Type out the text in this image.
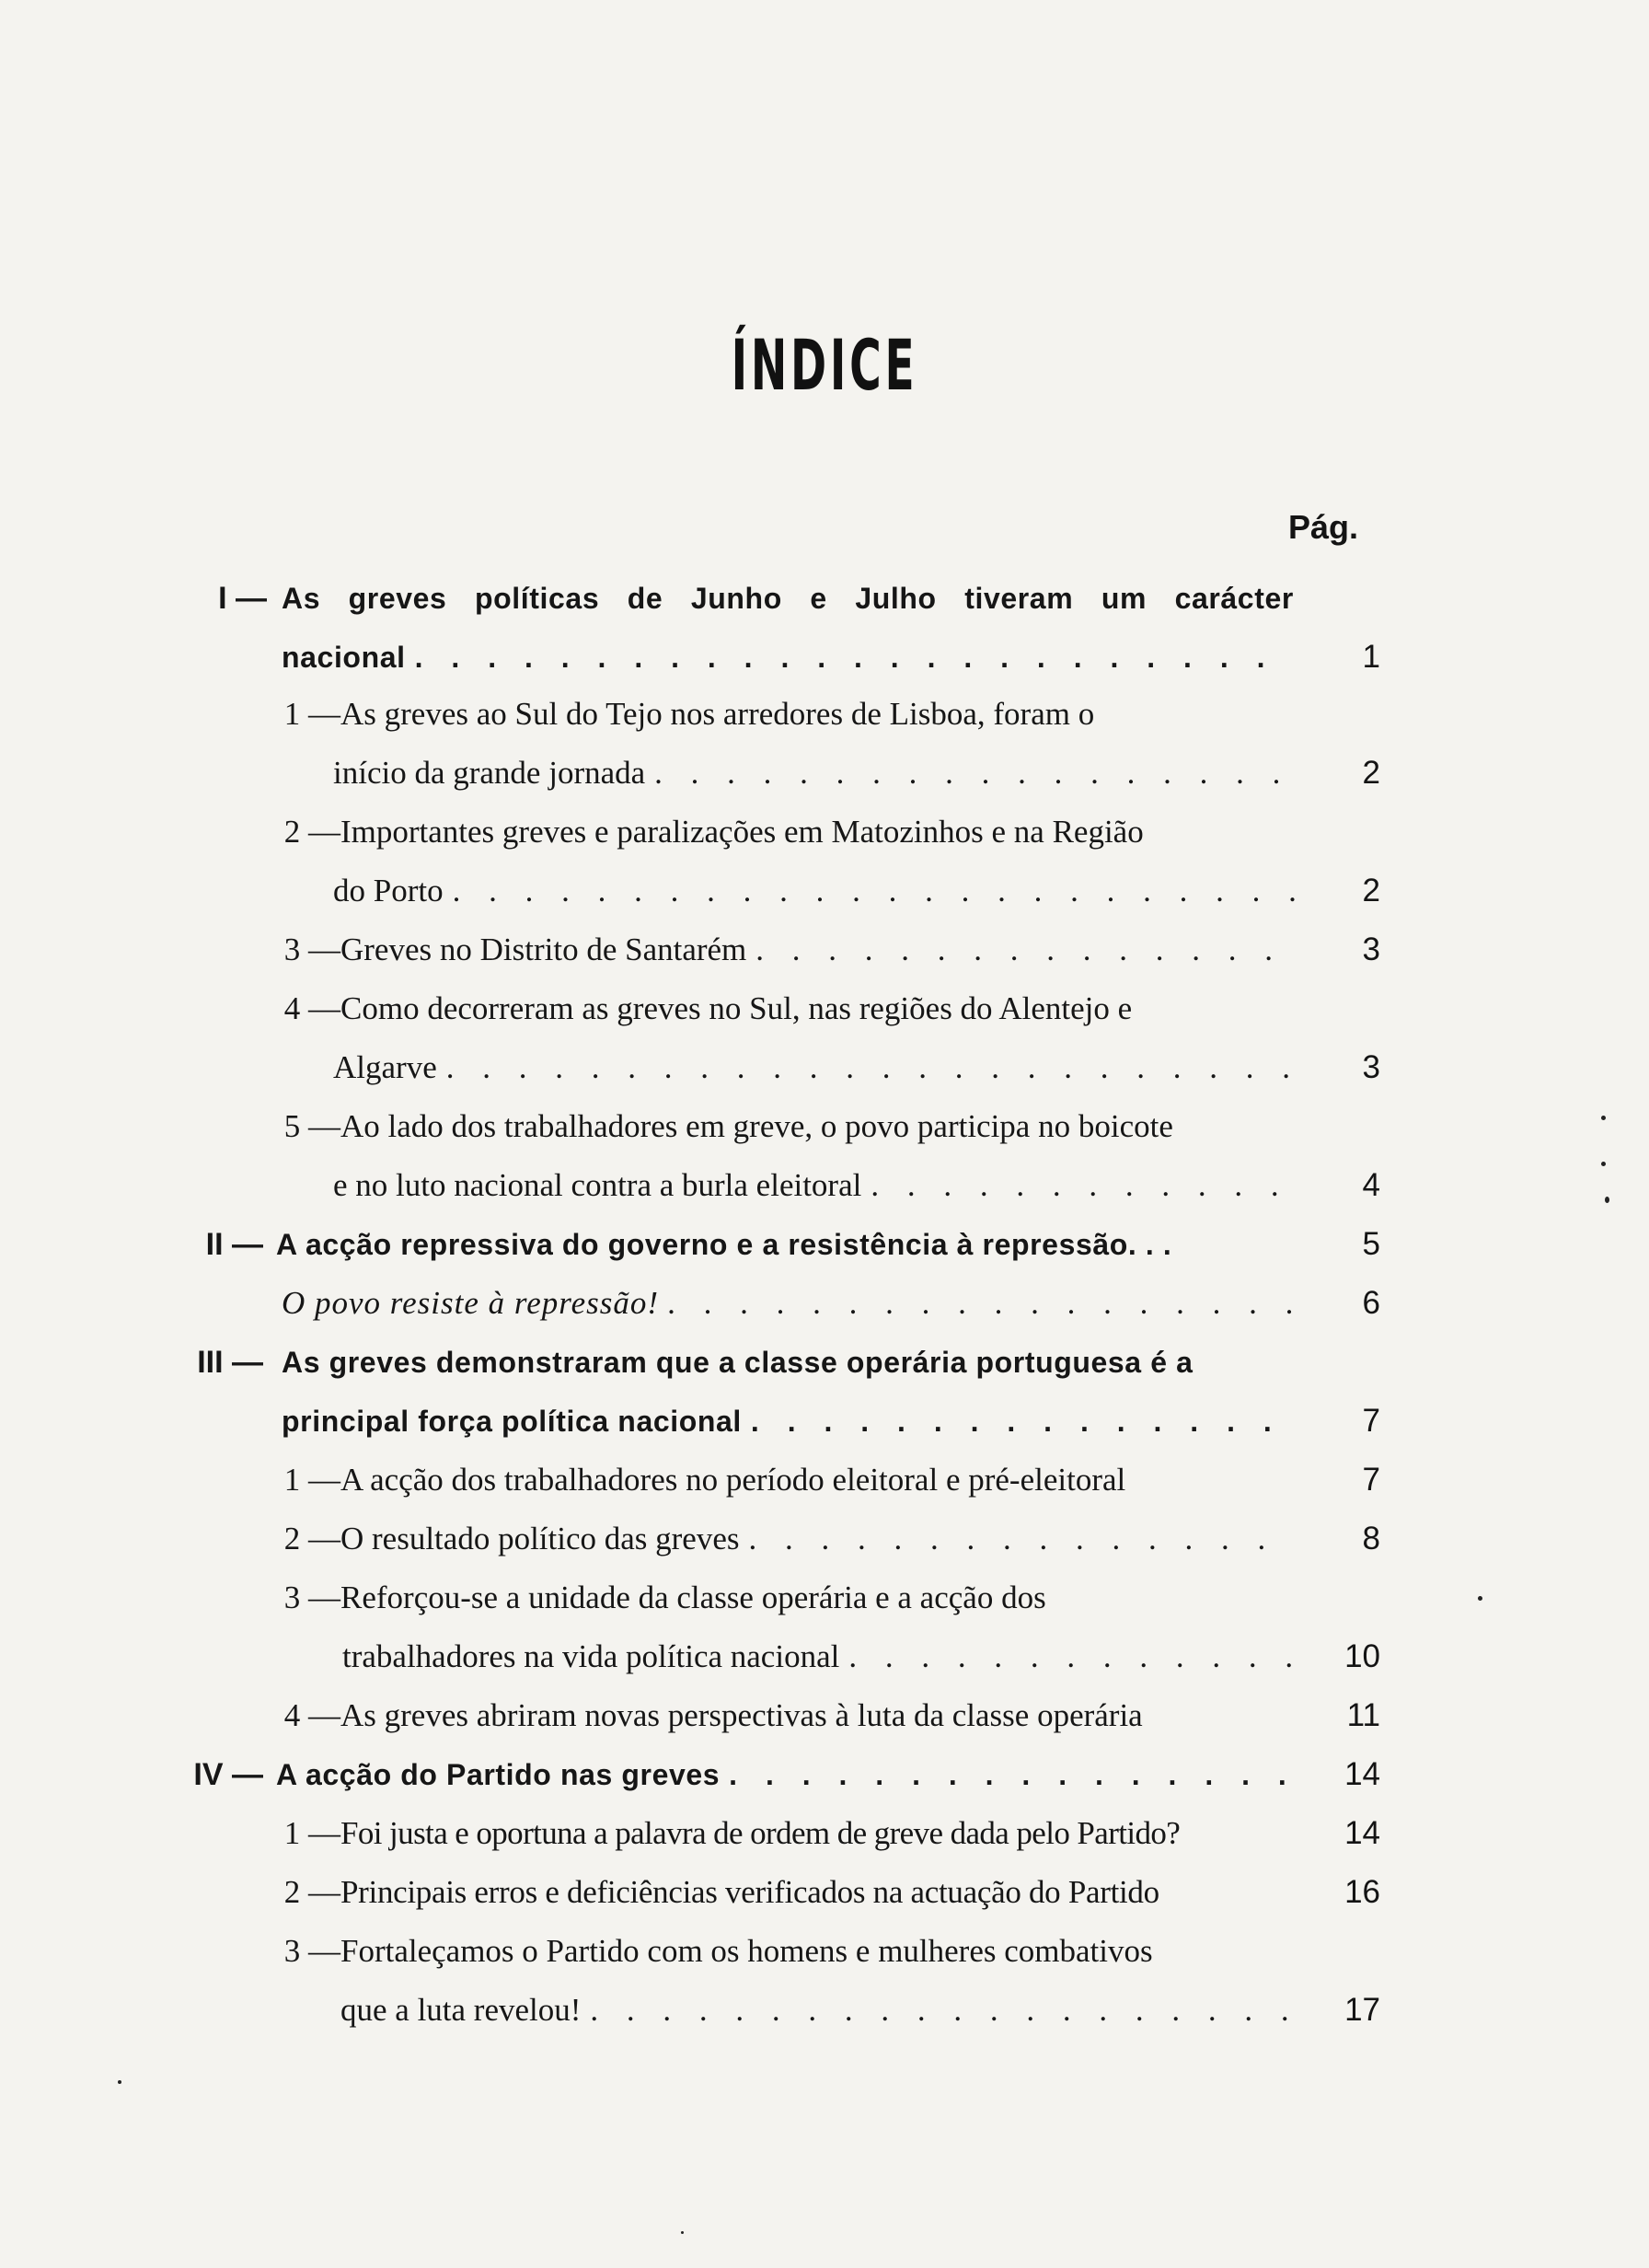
ÍNDICE
Pág.
I — As greves políticas de Junho e Julho tiveram um carácter
nacional . . .	1
1 — As greves ao Sul do Tejo nos arredores de Lisboa, foram o
início da grande jornada . . .	2
2 — Importantes greves e paralizações em Matozinhos e na Região
do Porto . . .	2
3 — Greves no Distrito de Santarém . . .	3
4 — Como decorreram as greves no Sul, nas regiões do Alentejo e
Algarve . . .	3
5 — Ao lado dos trabalhadores em greve, o povo participa no boicote
e no luto nacional contra a burla eleitoral . . .	4
II — A acção repressiva do governo e a resistência à repressão. . .	5
O povo resiste à repressão! . . .	6
III — As greves demonstraram que a classe operária portuguesa é a
principal força política nacional . . .	7
1 — A acção dos trabalhadores no período eleitoral e pré-eleitoral	7
2 — O resultado político das greves . . .	8
3 — Reforçou-se a unidade da classe operária e a acção dos
trabalhadores na vida política nacional . . .	10
4 — As greves abriram novas perspectivas à luta da classe operária	11
IV — A acção do Partido nas greves . . .	14
1 — Foi justa e oportuna a palavra de ordem de greve dada pelo Partido?	14
2 — Principais erros e deficiências verificados na actuação do Partido	16
3 — Fortaleçamos o Partido com os homens e mulheres combativos
que a luta revelou! . . .	17
